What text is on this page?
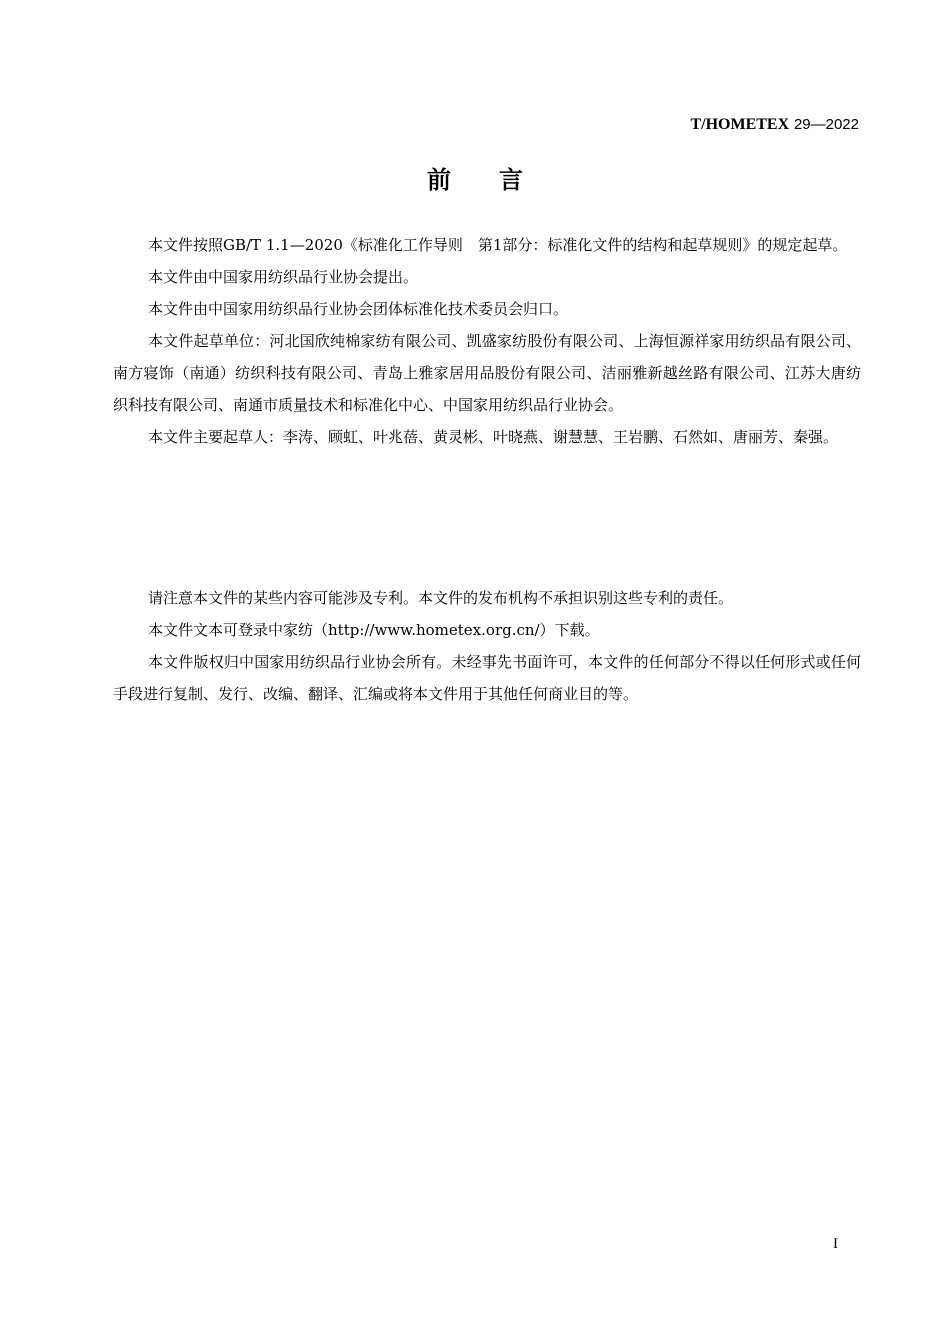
T/HOMETEX 29—2022
前言

本文件按照GB/T 1.1—2020《标准化工作导则　第1部分：标准化文件的结构和起草规则》的规定起草。

本文件由中国家用纺织品行业协会提出。

本文件由中国家用纺织品行业协会团体标准化技术委员会归口。

本文件起草单位：河北国欣纯棉家纺有限公司、凯盛家纺股份有限公司、上海恒源祥家用纺织品有限公司、南方寝饰（南通）纺织科技有限公司、青岛上雅家居用品股份有限公司、洁丽雅新越丝路有限公司、江苏大唐纺织科技有限公司、南通市质量技术和标准化中心、中国家用纺织品行业协会。

本文件主要起草人：李涛、顾虹、叶兆蓓、黄灵彬、叶晓燕、谢慧慧、王岩鹏、石然如、唐丽芳、秦强。

请注意本文件的某些内容可能涉及专利。本文件的发布机构不承担识别这些专利的责任。

本文件文本可登录中家纺（http://www.hometex.org.cn/）下载。

本文件版权归中国家用纺织品行业协会所有。未经事先书面许可，本文件的任何部分不得以任何形式或任何手段进行复制、发行、改编、翻译、汇编或将本文件用于其他任何商业目的等。

I
